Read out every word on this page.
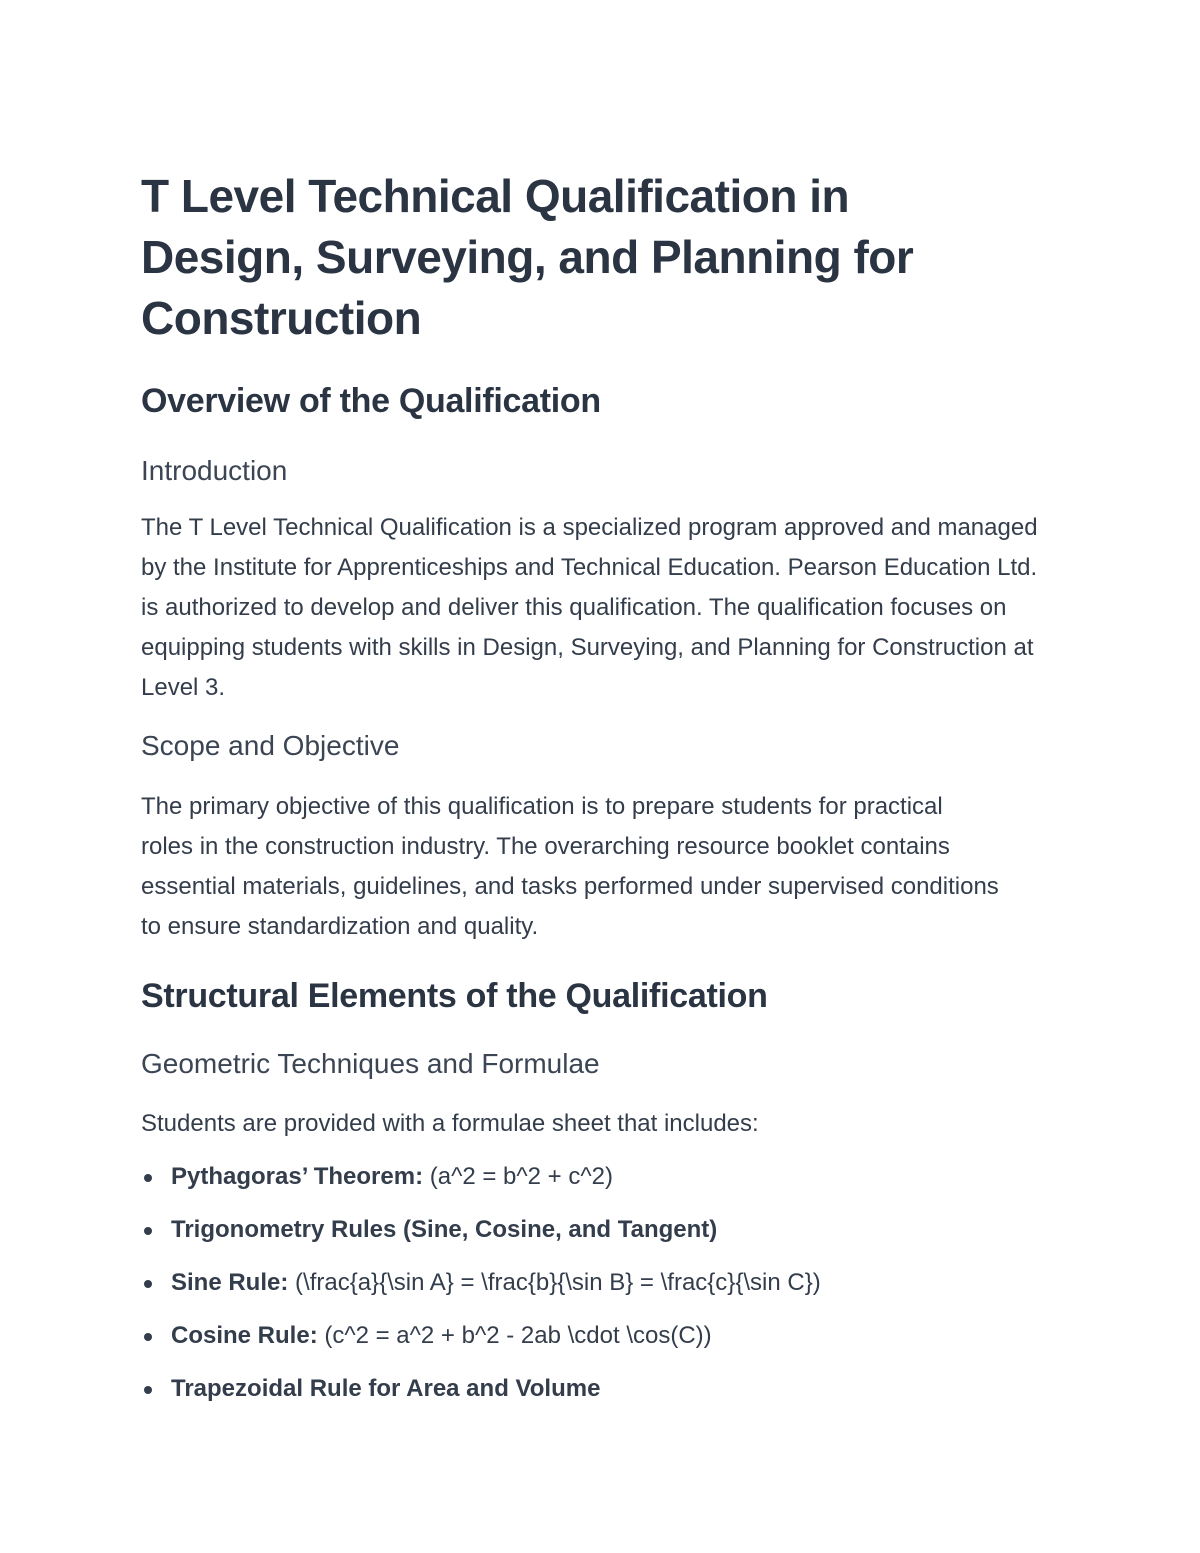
T Level Technical Qualification in
Design, Surveying, and Planning for
Construction
Overview of the Qualification
Introduction

The T Level Technical Qualification is a specialized program approved and managed by the Institute for Apprenticeships and Technical Education. Pearson Education Ltd. is authorized to develop and deliver this qualification. The qualification focuses on equipping students with skills in Design, Surveying, and Planning for Construction at Level 3.

Scope and Objective

The primary objective of this qualification is to prepare students for practical roles in the construction industry. The overarching resource booklet contains essential materials, guidelines, and tasks performed under supervised conditions to ensure standardization and quality.

Structural Elements of the Qualification
Geometric Techniques and Formulae

Students are provided with a formulae sheet that includes:

Pythagoras’ Theorem: (a^2 = b^2 + c^2)
Trigonometry Rules (Sine, Cosine, and Tangent)
Sine Rule: (\frac{a}{\sin A} = \frac{b}{\sin B} = \frac{c}{\sin C})
Cosine Rule: (c^2 = a^2 + b^2 - 2ab \cdot \cos(C))
Trapezoidal Rule for Area and Volume
